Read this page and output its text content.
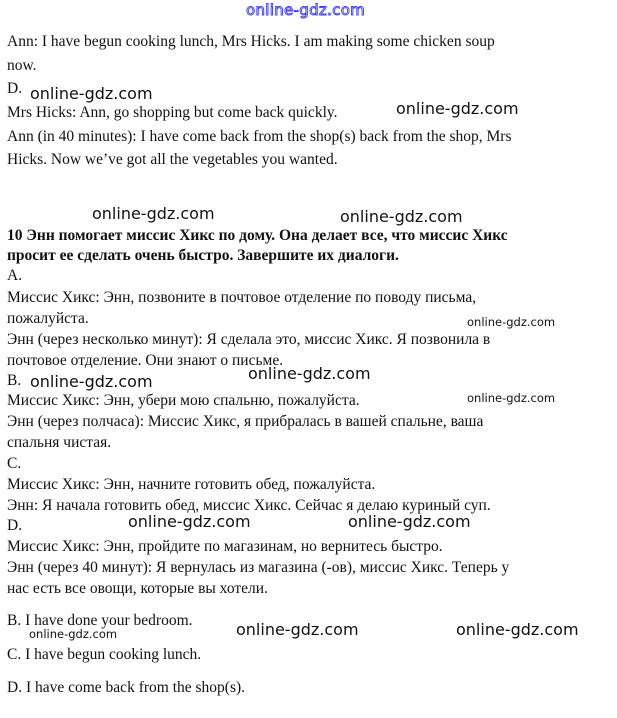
online-gdz.com
Ann: I have begun cooking lunch, Mrs Hicks. I am making some chicken soup
now.
D.
Mrs Hicks: Ann, go shopping but come back quickly.
Ann (in 40 minutes): I have come back from the shop(s) back from the shop, Mrs
Hicks. Now we’ve got all the vegetables you wanted.
10 Энн помогает миссис Хикс по дому. Она делает все, что миссис Хикс
просит ее сделать очень быстро. Завершите их диалоги.
A.
Миссис Хикс: Энн, позвоните в почтовое отделение по поводу письма,
пожалуйста.
Энн (через несколько минут): Я сделала это, миссис Хикс. Я позвонила в
почтовое отделение. Они знают о письме.
B.
Миссис Хикс: Энн, убери мою спальню, пожалуйста.
Энн (через полчаса): Миссис Хикс, я прибралась в вашей спальне, ваша
спальня чистая.
C.
Миссис Хикс: Энн, начните готовить обед, пожалуйста.
Энн: Я начала готовить обед, миссис Хикс. Сейчас я делаю куриный суп.
D.
Миссис Хикс: Энн, пройдите по магазинам, но вернитесь быстро.
Энн (через 40 минут): Я вернулась из магазина (-ов), миссис Хикс. Теперь у
нас есть все овощи, которые вы хотели.
B. I have done your bedroom.
C. I have begun cooking lunch.
D. I have come back from the shop(s).
online-gdz.com
online-gdz.com
online-gdz.com	online-gdz.com
online-gdz.com
online-gdz.com
online-gdz.com
online-gdz.com
online-gdz.com	online-gdz.com
online-gdz.com	online-gdz.com
online-gdz.com
